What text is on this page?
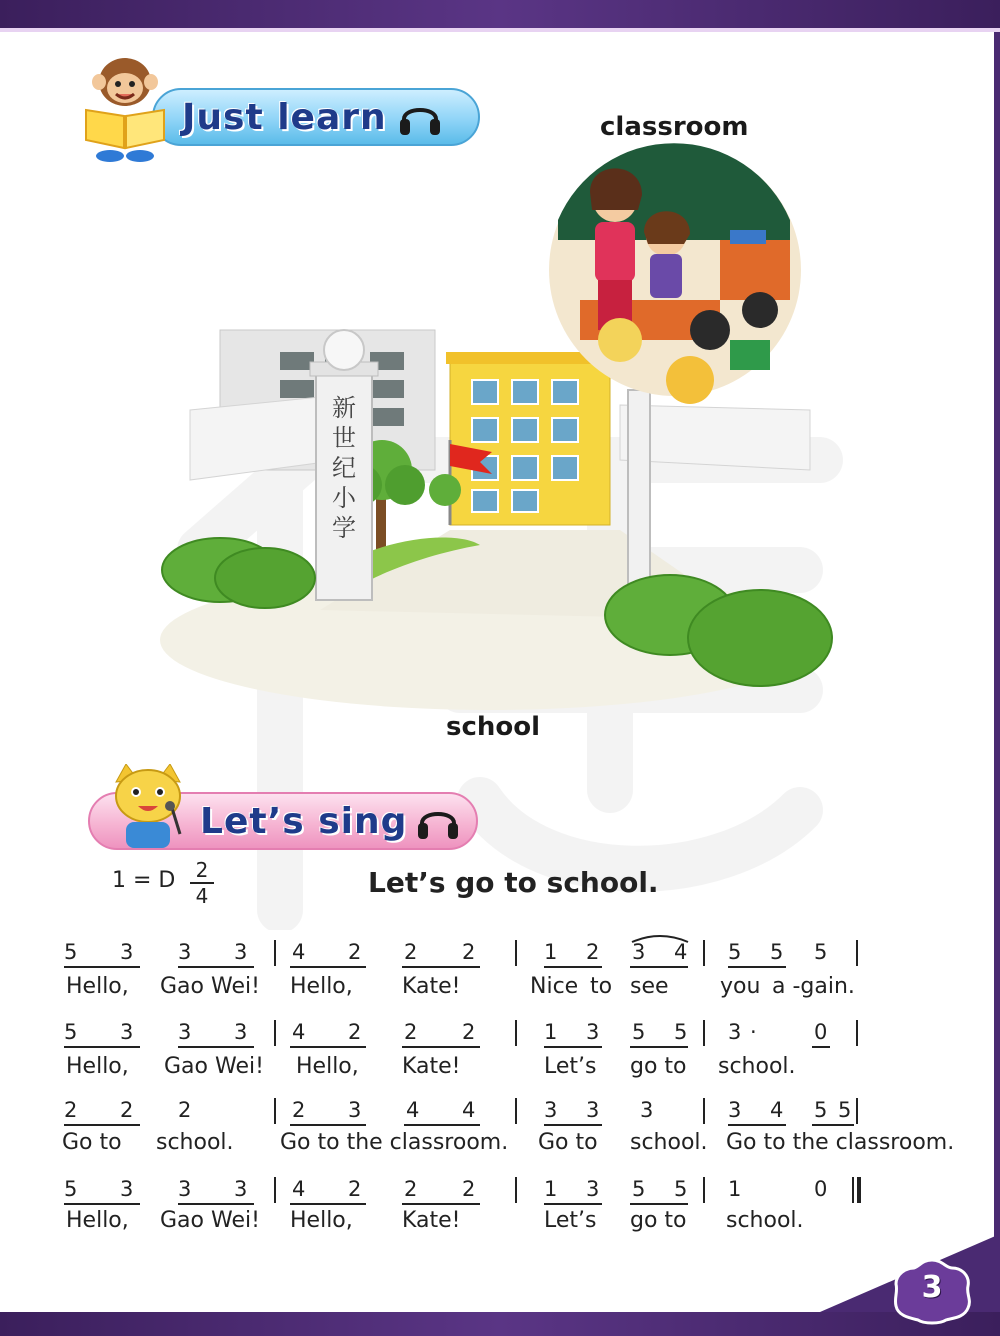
Just learn	classroom
school
新
世
纪
小
学
Let’s sing
1 = D $\frac{2}{4}$	Let’s go to school.
5 3 3 3 4 2 2 2	1 2 3 4 5 5 5
Hello, Gao Wei! Hello, Kate!	Nice to see you a -gain.
5 3 3 3 4 2 2 2	1 3 5 5 3 ·	0
Hello, Gao Wei! Hello, Kate!	Let’s go to school.
2 2 2	2 3 4 4	3 3 3	3 4 5 5
Go to school. Go to the classroom. Go to school. Go to the classroom.
5 3 3 3 4 2 2 2	1 3 5 5 1	0
Hello, Gao Wei! Hello, Kate!	Let’s go to school.
3
